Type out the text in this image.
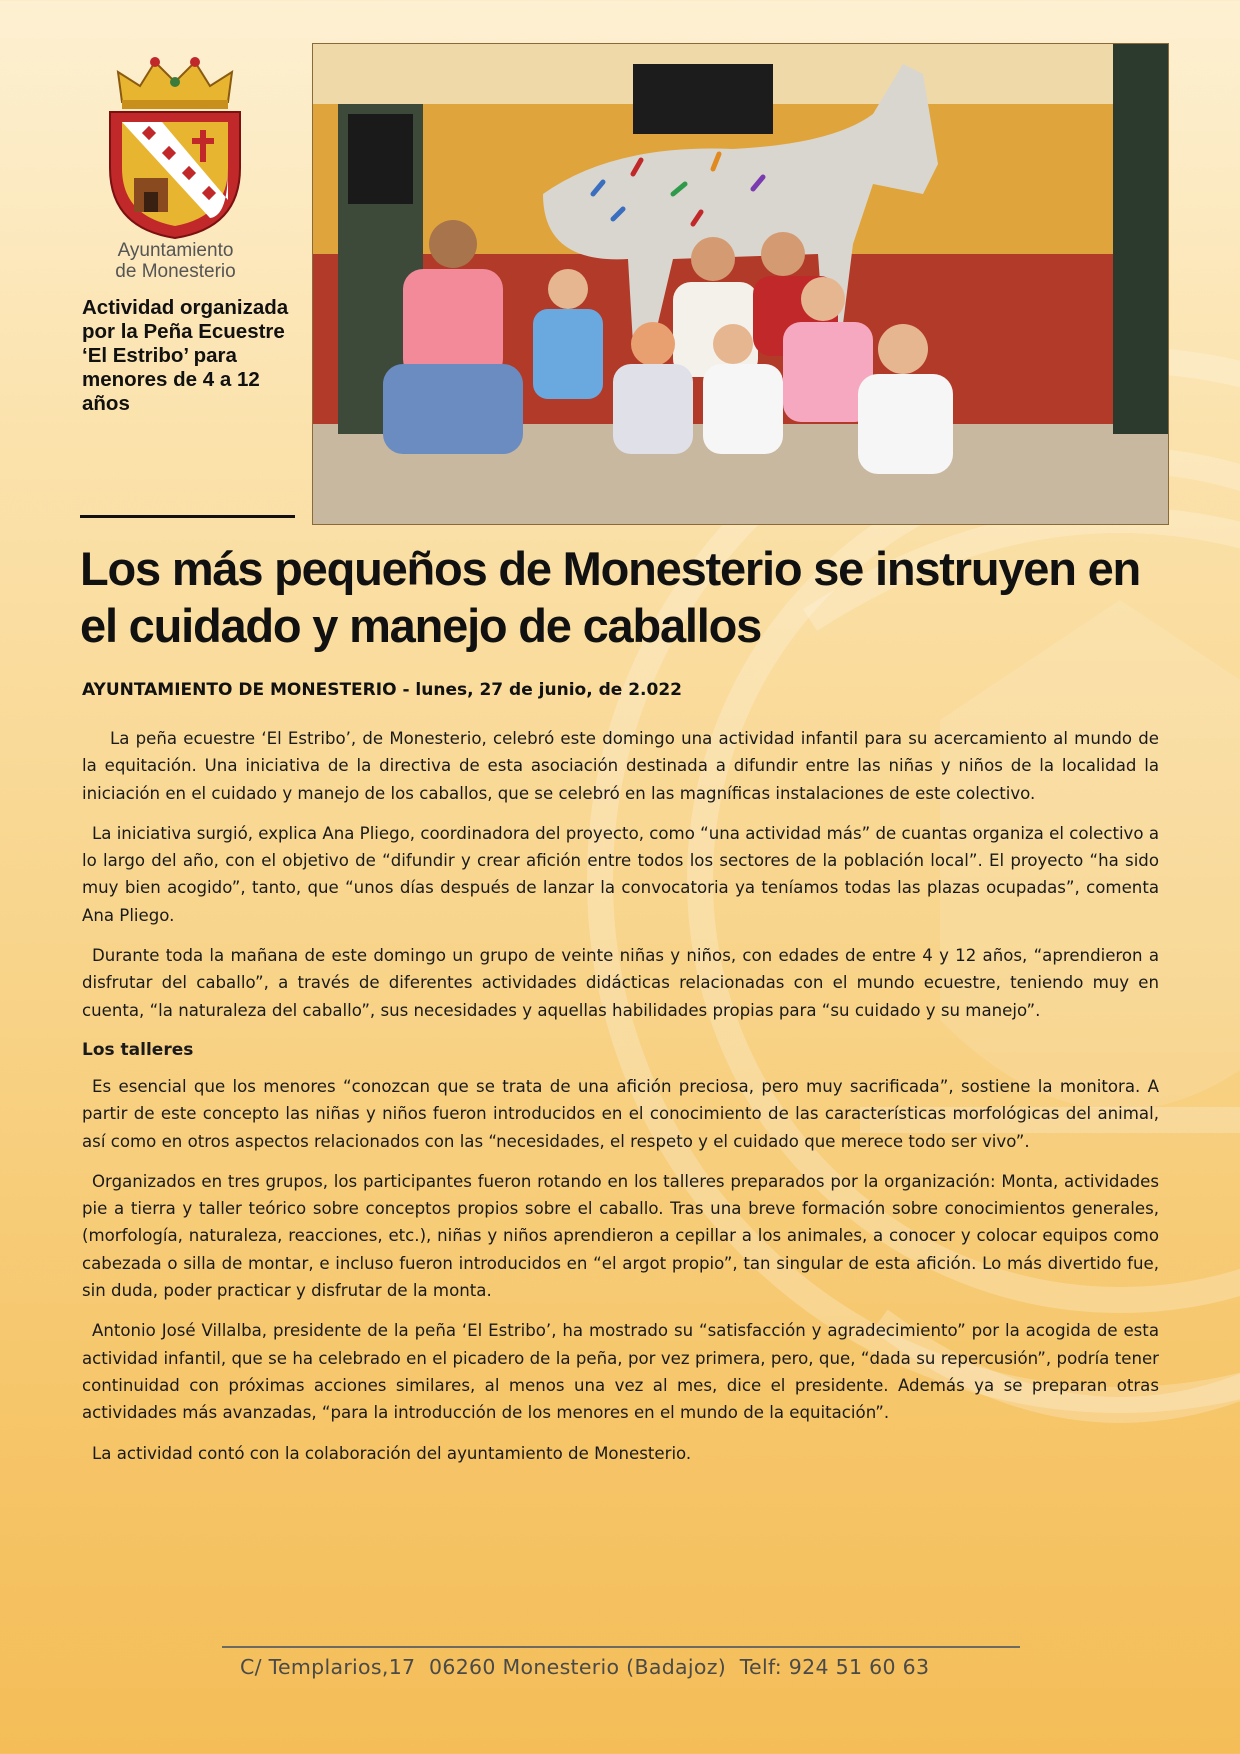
Ayuntamiento
de Monesterio
Actividad organizada por la Peña Ecuestre ‘El Estribo’ para menores de 4 a 12 años
Los más pequeños de Monesterio se instruyen en el cuidado y manejo de caballos
AYUNTAMIENTO DE MONESTERIO - lunes, 27 de junio, de 2.022

La peña ecuestre ‘El Estribo’, de Monesterio, celebró este domingo una actividad infantil para su acercamiento al mundo de la equitación. Una iniciativa de la directiva de esta asociación destinada a difundir entre las niñas y niños de la localidad la iniciación en el cuidado y manejo de los caballos, que se celebró en las magníficas instalaciones de este colectivo.

La iniciativa surgió, explica Ana Pliego, coordinadora del proyecto, como “una actividad más” de cuantas organiza el colectivo a lo largo del año, con el objetivo de “difundir y crear afición entre todos los sectores de la población local”. El proyecto “ha sido muy bien acogido”, tanto, que “unos días después de lanzar la convocatoria ya teníamos todas las plazas ocupadas”, comenta Ana Pliego.

Durante toda la mañana de este domingo un grupo de veinte niñas y niños, con edades de entre 4 y 12 años, “aprendieron a disfrutar del caballo”, a través de diferentes actividades didácticas relacionadas con el mundo ecuestre, teniendo muy en cuenta, “la naturaleza del caballo”, sus necesidades y aquellas habilidades propias para “su cuidado y su manejo”.

Los talleres

Es esencial que los menores “conozcan que se trata de una afición preciosa, pero muy sacrificada”, sostiene la monitora. A partir de este concepto las niñas y niños fueron introducidos en el conocimiento de las características morfológicas del animal, así como en otros aspectos relacionados con las “necesidades, el respeto y el cuidado que merece todo ser vivo”.

Organizados en tres grupos, los participantes fueron rotando en los talleres preparados por la organización: Monta, actividades pie a tierra y taller teórico sobre conceptos propios sobre el caballo. Tras una breve formación sobre conocimientos generales, (morfología, naturaleza, reacciones, etc.), niñas y niños aprendieron a cepillar a los animales, a conocer y colocar equipos como cabezada o silla de montar, e incluso fueron introducidos en “el argot propio”, tan singular de esta afición. Lo más divertido fue, sin duda, poder practicar y disfrutar de la monta.

Antonio José Villalba, presidente de la peña ‘El Estribo’, ha mostrado su “satisfacción y agradecimiento” por la acogida de esta actividad infantil, que se ha celebrado en el picadero de la peña, por vez primera, pero, que, “dada su repercusión”, podría tener continuidad con próximas acciones similares, al menos una vez al mes, dice el presidente. Además ya se preparan otras actividades más avanzadas, “para la introducción de los menores en el mundo de la equitación”.

La actividad contó con la colaboración del ayuntamiento de Monesterio.

C/ Templarios,17  06260 Monesterio (Badajoz)  Telf: 924 51 60 63
